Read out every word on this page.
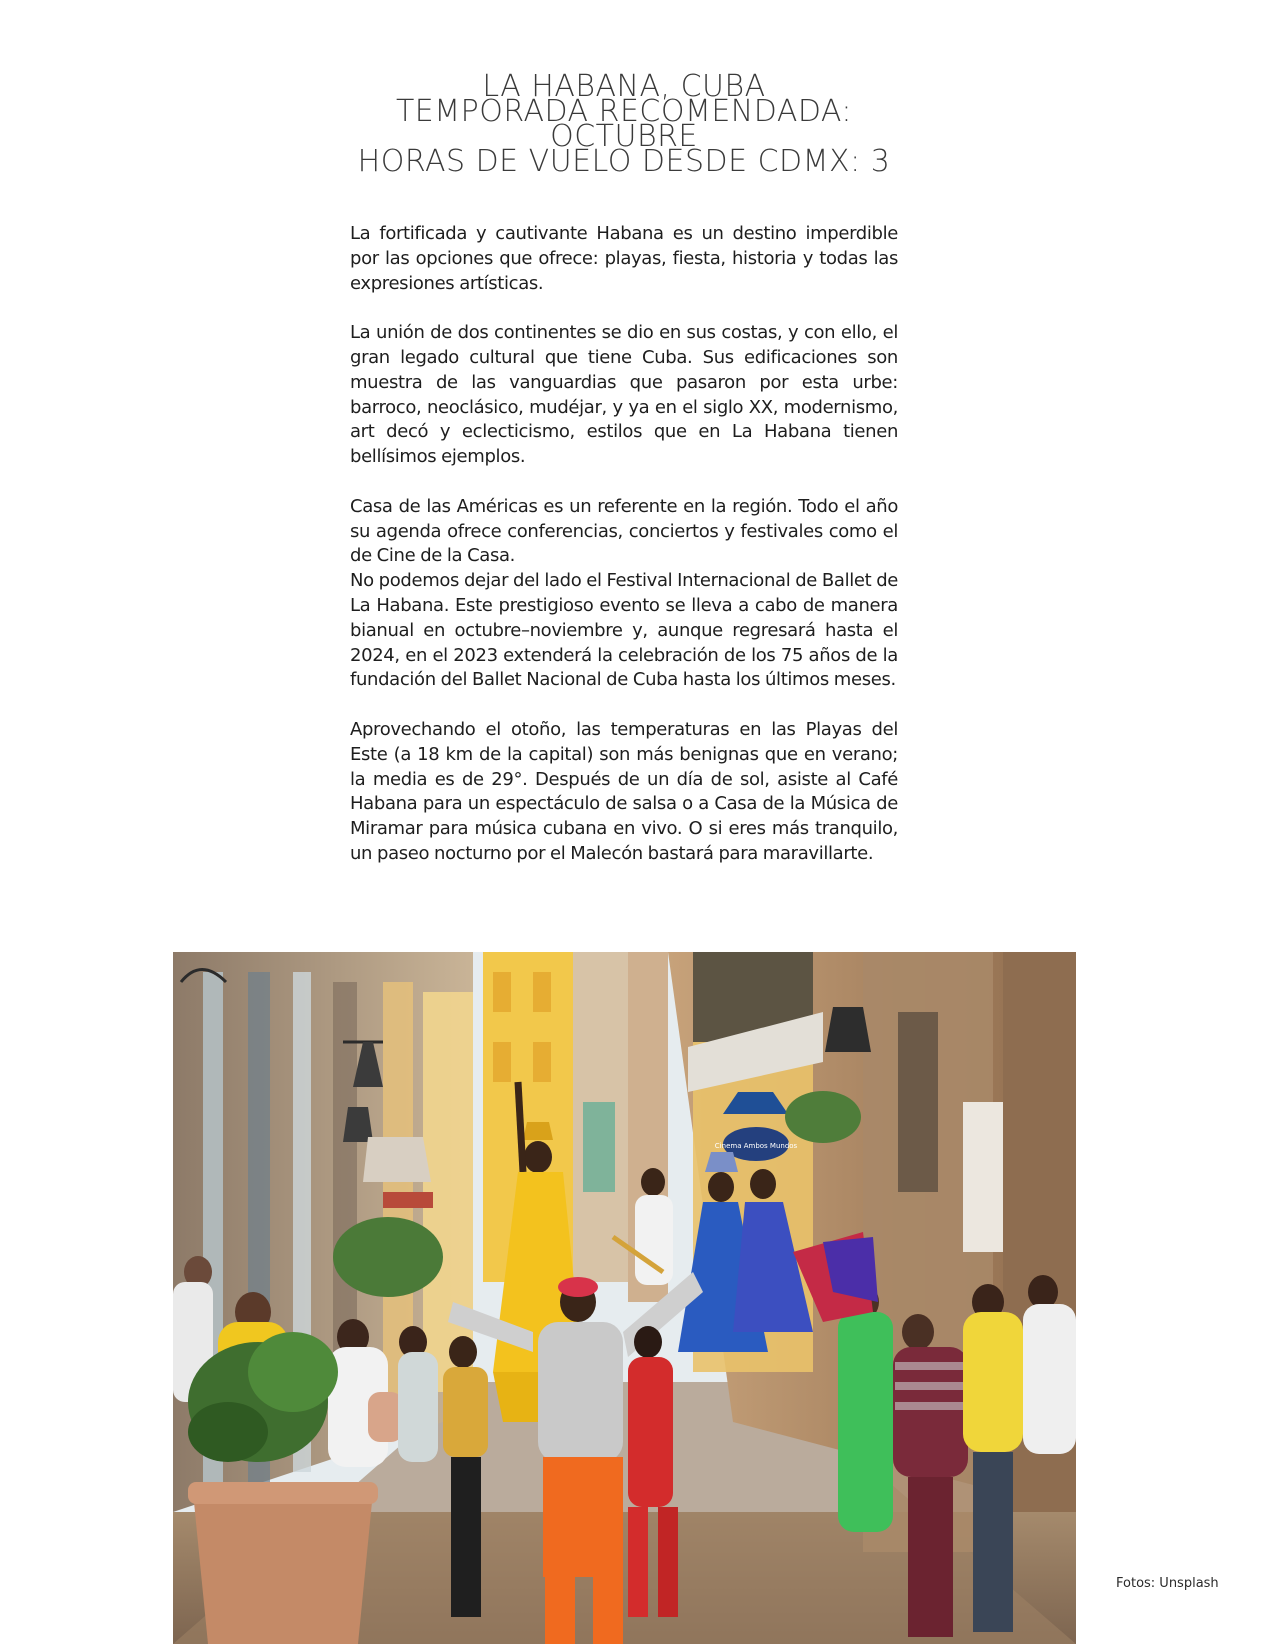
LA HABANA, CUBA
TEMPORADA RECOMENDADA:
OCTUBRE
HORAS DE VUELO DESDE CDMX: 3

La fortificada y cautivante Habana es un destino imperdible por las opciones que ofrece: playas, fiesta, historia y todas las expresiones artísticas.

La unión de dos continentes se dio en sus costas, y con ello, el gran legado cultural que tiene Cuba. Sus edificaciones son muestra de las vanguardias que pasaron por esta urbe: barroco, neoclásico, mudéjar, y ya en el siglo XX, modernismo, art decó y eclecticismo, estilos que en La Habana tienen bellísimos ejemplos.

Casa de las Américas es un referente en la región. Todo el año su agenda ofrece conferencias, conciertos y festivales como el de Cine de la Casa.

No podemos dejar del lado el Festival Internacional de Ballet de La Habana. Este prestigioso evento se lleva a cabo de manera bianual en octubre–noviembre y, aunque regresará hasta el 2024, en el 2023 extenderá la celebración de los 75 años de la fundación del Ballet Nacional de Cuba hasta los últimos meses.

Aprovechando el otoño, las temperaturas en las Playas del Este (a 18 km de la capital) son más benignas que en verano; la media es de 29°. Después de un día de sol, asiste al Café Habana para un espectáculo de salsa o a Casa de la Música de Miramar para música cubana en vivo. O si eres más tranquilo, un paseo nocturno por el Malecón bastará para maravillarte.

Cinema Ambos Mundos
Fotos: Unsplash
